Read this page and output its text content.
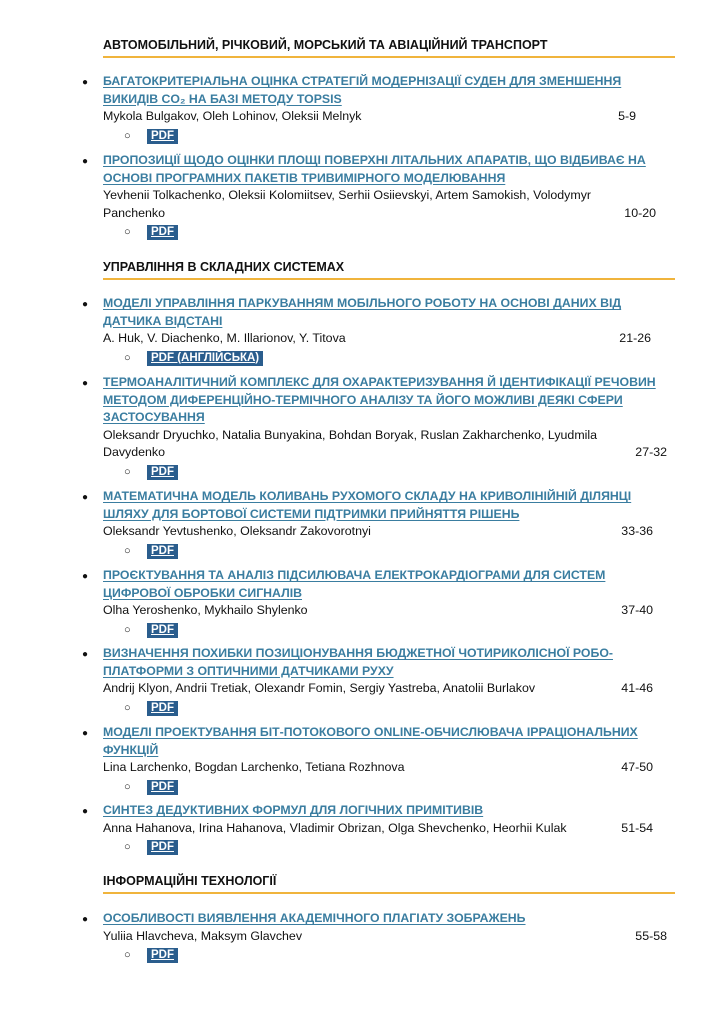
АВТОМОБІЛЬНИЙ, РІЧКОВИЙ, МОРСЬКИЙ ТА АВІАЦІЙНИЙ ТРАНСПОРТ
● БАГАТОКРИТЕРІАЛЬНА ОЦІНКА СТРАТЕГІЙ МОДЕРНІЗАЦІЇ СУДЕН ДЛЯ ЗМЕНШЕННЯ
ВИКИДІВ CO₂ НА БАЗІ МЕТОДУ TOPSIS
Mykola Bulgakov, Oleh Lohinov, Oleksii Melnyk	5-9
○	PDF
● ПРОПОЗИЦІЇ ЩОДО ОЦІНКИ ПЛОЩІ ПОВЕРХНІ ЛІТАЛЬНИХ АПАРАТІВ, ЩО ВІДБИВАЄ НА
ОСНОВІ ПРОГРАМНИХ ПАКЕТІВ ТРИВИМІРНОГО МОДЕЛЮВАННЯ
Yevhenii Tolkachenko, Oleksii Kolomiitsev, Serhii Osiievskyi, Artem Samokish, Volodymyr
Panchenko	10-20
○	PDF
УПРАВЛІННЯ В СКЛАДНИХ СИСТЕМАХ
● МОДЕЛІ УПРАВЛІННЯ ПАРКУВАННЯМ МОБІЛЬНОГО РОБОТУ НА ОСНОВІ ДАНИХ ВІД
ДАТЧИКА ВІДСТАНІ
A. Huk, V. Diachenko, M. Illarionov, Y. Titova	21-26
○	PDF (АНГЛІЙСЬКА)
● ТЕРМОАНАЛІТИЧНИЙ КОМПЛЕКС ДЛЯ ОХАРАКТЕРИЗУВАННЯ Й ІДЕНТИФІКАЦІЇ РЕЧОВИН
МЕТОДОМ ДИФЕРЕНЦІЙНО-ТЕРМІЧНОГО АНАЛІЗУ ТА ЙОГО МОЖЛИВІ ДЕЯКІ СФЕРИ
ЗАСТОСУВАННЯ
Oleksandr Dryuchko, Natalia Bunyakina, Bohdan Boryak, Ruslan Zakharchenko, Lyudmila
Davydenko	27-32
○	PDF
● МАТЕМАТИЧНА МОДЕЛЬ КОЛИВАНЬ РУХОМОГО СКЛАДУ НА КРИВОЛІНІЙНІЙ ДІЛЯНЦІ
ШЛЯХУ ДЛЯ БОРТОВОЇ СИСТЕМИ ПІДТРИМКИ ПРИЙНЯТТЯ РІШЕНЬ
Oleksandr Yevtushenko, Oleksandr Zakovorotnyi	33-36
○	PDF
● ПРОЄКТУВАННЯ ТА АНАЛІЗ ПІДСИЛЮВАЧА ЕЛЕКТРОКАРДІОГРАМИ ДЛЯ СИСТЕМ
ЦИФРОВОЇ ОБРОБКИ СИГНАЛІВ
Olha Yeroshenko, Mykhailo Shylenko	37-40
○	PDF
● ВИЗНАЧЕННЯ ПОХИБКИ ПОЗИЦІОНУВАННЯ БЮДЖЕТНОЇ ЧОТИРИКОЛІСНОЇ РОБО-
ПЛАТФОРМИ З ОПТИЧНИМИ ДАТЧИКАМИ РУХУ
Andrij Klyon, Andrii Tretiak, Olexandr Fomin, Sergiy Yastreba, Anatolii Burlakov	41-46
○	PDF
● МОДЕЛІ ПРОЕКТУВАННЯ БІТ-ПОТОКОВОГО ONLINE-ОБЧИСЛЮВАЧА ІРРАЦІОНАЛЬНИХ
ФУНКЦІЙ
Lina Larchenko, Bogdan Larchenko, Tetiana Rozhnova	47-50
○	PDF
● СИНТЕЗ ДЕДУКТИВНИХ ФОРМУЛ ДЛЯ ЛОГІЧНИХ ПРИМІТИВІВ
Anna Hahanova, Irina Hahanova, Vladimir Obrizan, Olga Shevchenko, Heorhii Kulak	51-54
○	PDF
ІНФОРМАЦІЙНІ ТЕХНОЛОГІЇ
● ОСОБЛИВОСТІ ВИЯВЛЕННЯ АКАДЕМІЧНОГО ПЛАГІАТУ ЗОБРАЖЕНЬ
Yuliia Hlavcheva, Maksym Glavchev	55-58
○	PDF
